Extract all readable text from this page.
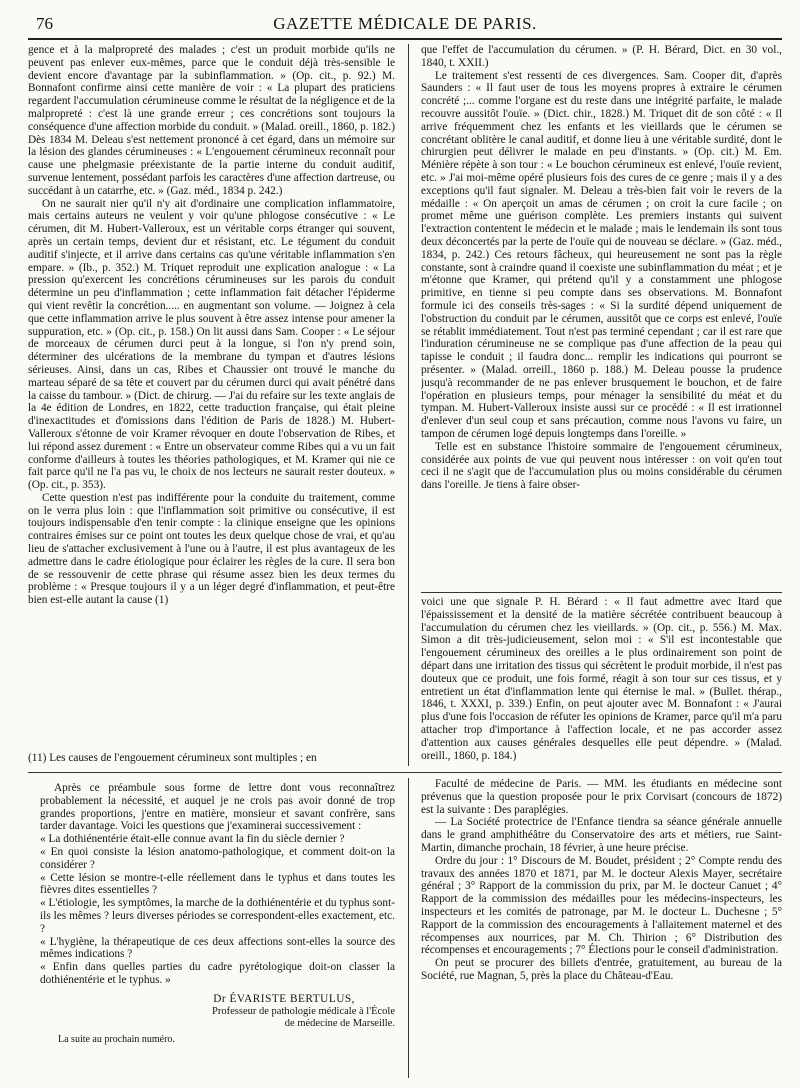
76	GAZETTE MÉDICALE DE PARIS.

gence et à la malpropreté des malades ; c'est un produit morbide qu'ils ne peuvent pas enlever eux-mêmes, parce que le conduit déjà très-sensible le devient encore d'avantage par la subinflammation. » (Op. cit., p. 92.) M. Bonnafont confirme ainsi cette manière de voir : « La plupart des praticiens regardent l'accumulation cérumineuse comme le résultat de la négligence et de la malpropreté : c'est là une grande erreur ; ces concrétions sont toujours la conséquence d'une affection morbide du conduit. » (Malad. oreill., 1860, p. 182.) Dès 1834 M. Deleau s'est nettement prononcé à cet égard, dans un mémoire sur la lésion des glandes cérumineuses : « L'engouement cérumineux reconnaît pour cause une phelgmasie préexistante de la partie interne du conduit auditif, survenue lentement, possédant parfois les caractères d'une affection dartreuse, ou succédant à un catarrhe, etc. » (Gaz. méd., 1834 p. 242.)

On ne saurait nier qu'il n'y ait d'ordinaire une complication inflammatoire, mais certains auteurs ne veulent y voir qu'une phlogose consécutive : « Le cérumen, dit M. Hubert-Valleroux, est un véritable corps étranger qui souvent, après un certain temps, devient dur et résistant, etc. Le tégument du conduit auditif s'injecte, et il arrive dans certains cas qu'une véritable inflammation s'en empare. » (Ib., p. 352.) M. Triquet reproduit une explication analogue : « La pression qu'exercent les concrétions cérumineuses sur les parois du conduit détermine un peu d'inflammation ; cette inflammation fait détacher l'épiderme qui vient revêtir la concrétion..... en augmentant son volume. — Joignez à cela que cette inflammation arrive le plus souvent à être assez intense pour amener la suppuration, etc. » (Op. cit., p. 158.) On lit aussi dans Sam. Cooper : « Le séjour de morceaux de cérumen durci peut à la longue, si l'on n'y prend soin, déterminer des ulcérations de la membrane du tympan et d'autres lésions sérieuses. Ainsi, dans un cas, Ribes et Chaussier ont trouvé le manche du marteau séparé de sa tête et couvert par du cérumen durci qui avait pénétré dans la caisse du tambour. » (Dict. de chirurg. — J'ai du refaire sur les texte anglais de la 4e édition de Londres, en 1822, cette traduction française, qui était pleine d'inexactitudes et d'omissions dans l'édition de Paris de 1828.) M. Hubert-Valleroux s'étonne de voir Kramer révoquer en doute l'observation de Ribes, et lui répond assez durement : « Entre un observateur comme Ribes qui a vu un fait conforme d'ailleurs à toutes les théories pathologiques, et M. Kramer qui nie ce fait parce qu'il ne l'a pas vu, le choix de nos lecteurs ne saurait rester douteux. » (Op. cit., p. 353).

Cette question n'est pas indifférente pour la conduite du traitement, comme on le verra plus loin : que l'inflammation soit primitive ou consécutive, il est toujours indispensable d'en tenir compte : la clinique enseigne que les opinions contraires émises sur ce point ont toutes les deux quelque chose de vrai, et qu'au lieu de s'attacher exclusivement à l'une ou à l'autre, il est plus avantageux de les admettre dans le cadre étiologique pour éclairer les règles de la cure. Il sera bon de se ressouvenir de cette phrase qui résume assez bien les deux termes du problème : « Presque toujours il y a un léger degré d'inflammation, et peut-être bien est-elle autant la cause (1)

(11) Les causes de l'engouement cérumineux sont multiples ; en

que l'effet de l'accumulation du cérumen. » (P. H. Bérard, Dict. en 30 vol., 1840, t. XXII.)

Le traitement s'est ressenti de ces divergences. Sam. Cooper dit, d'après Saunders : « Il faut user de tous les moyens propres à extraire le cérumen concrété ;... comme l'organe est du reste dans une intégrité parfaite, le malade recouvre aussitôt l'ouïe. » (Dict. chir., 1828.) M. Triquet dit de son côté : « Il arrive fréquemment chez les enfants et les vieillards que le cérumen se concrétant oblitère le canal auditif, et donne lieu à une véritable surdité, dont le chirurgien peut délivrer le malade en peu d'instants. » (Op. cit.) M. Em. Ménière répète à son tour : « Le bouchon cérumineux est enlevé, l'ouïe revient, etc. » J'ai moi-même opéré plusieurs fois des cures de ce genre ; mais il y a des exceptions qu'il faut signaler. M. Deleau a très-bien fait voir le revers de la médaille : « On aperçoit un amas de cérumen ; on croit la cure facile ; on promet même une guérison complète. Les premiers instants qui suivent l'extraction contentent le médecin et le malade ; mais le lendemain ils sont tous deux déconcertés par la perte de l'ouïe qui de nouveau se déclare. » (Gaz. méd., 1834, p. 242.) Ces retours fâcheux, qui heureusement ne sont pas la règle constante, sont à craindre quand il coexiste une subinflammation du méat ; et je m'étonne que Kramer, qui prétend qu'il y a constamment une phlogose primitive, en tienne si peu compte dans ses observations. M. Bonnafont formule ici des conseils très-sages : « Si la surdité dépend uniquement de l'obstruction du conduit par le cérumen, aussitôt que ce corps est enlevé, l'ouïe se rétablit immédiatement. Tout n'est pas terminé cependant ; car il est rare que l'induration cérumineuse ne se complique pas d'une affection de la peau qui tapisse le conduit ; il faudra donc... remplir les indications qui pourront se présenter. » (Malad. orreill., 1860 p. 188.) M. Deleau pousse la prudence jusqu'à recommander de ne pas enlever brusquement le bouchon, et de faire l'opération en plusieurs temps, pour ménager la sensibilité du méat et du tympan. M. Hubert-Valleroux insiste aussi sur ce procédé : « Il est irrationnel d'enlever d'un seul coup et sans précaution, comme nous l'avons vu faire, un tampon de cérumen logé depuis longtemps dans l'oreille. »

Telle est en substance l'histoire sommaire de l'engouement cérumineux, considérée aux points de vue qui peuvent nous intéresser : on voit qu'en tout ceci il ne s'agit que de l'accumulation plus ou moins considérable du cérumen dans l'oreille. Je tiens à faire obser-

voici une que signale P. H. Bérard : « Il faut admettre avec Itard que l'épaississement et la densité de la matière sécrétée contribuent beaucoup à l'accumulation du cérumen chez les vieillards. » (Op. cit., p. 556.) M. Max. Simon a dit très-judicieusement, selon moi : « S'il est incontestable que l'engouement cérumineux des oreilles a le plus ordinairement son point de départ dans une irritation des tissus qui sécrètent le produit morbide, il n'est pas douteux que ce produit, une fois formé, réagit à son tour sur ces tissus, et y entretient un état d'inflammation lente qui éternise le mal. » (Bullet. thérap., 1846, t. XXXI, p. 339.) Enfin, on peut ajouter avec M. Bonnafont : « J'aurai plus d'une fois l'occasion de réfuter les opinions de Kramer, parce qu'il m'a paru attacher trop d'importance à l'affection locale, et ne pas accorder assez d'attention aux causes générales desquelles elle peut dépendre. » (Malad. oreill., 1860, p. 184.)

Après ce préambule sous forme de lettre dont vous reconnaîtrez probablement la nécessité, et auquel je ne crois pas avoir donné de trop grandes proportions, j'entre en matière, monsieur et savant confrère, sans tarder davantage. Voici les questions que j'examinerai successivement :

« La dothiénentérie était-elle connue avant la fin du siècle dernier ?

« En quoi consiste la lésion anatomo-pathologique, et comment doit-on la considérer ?

« Cette lésion se montre-t-elle réellement dans le typhus et dans toutes les fièvres dites essentielles ?

« L'étiologie, les symptômes, la marche de la dothiénentérie et du typhus sont-ils les mêmes ? leurs diverses périodes se correspondent-elles exactement, etc. ?

« L'hygiène, la thérapeutique de ces deux affections sont-elles la source des mêmes indications ?

« Enfin dans quelles parties du cadre pyrétologique doit-on classer la dothiénentérie et le typhus. »

Dr ÉVARISTE BERTULUS,
Professeur de pathologie médicale à l'École de médecine de Marseille.
La suite au prochain numéro.

Faculté de médecine de Paris. — MM. les étudiants en médecine sont prévenus que la question proposée pour le prix Corvisart (concours de 1872) est la suivante : Des paraplégies.

— La Société protectrice de l'Enfance tiendra sa séance générale annuelle dans le grand amphithéâtre du Conservatoire des arts et métiers, rue Saint-Martin, dimanche prochain, 18 février, à une heure précise.

Ordre du jour : 1° Discours de M. Boudet, président ; 2° Compte rendu des travaux des années 1870 et 1871, par M. le docteur Alexis Mayer, secrétaire général ; 3° Rapport de la commission du prix, par M. le docteur Canuet ; 4° Rapport de la commission des médailles pour les médecins-inspecteurs, les inspecteurs et les comités de patronage, par M. le docteur L. Duchesne ; 5° Rapport de la commission des encouragements à l'allaitement maternel et des récompenses aux nourrices, par M. Ch. Thirion ; 6° Distribution des récompenses et encouragements ; 7° Élections pour le conseil d'administration.

On peut se procurer des billets d'entrée, gratuitement, au bureau de la Société, rue Magnan, 5, près la place du Château-d'Eau.
